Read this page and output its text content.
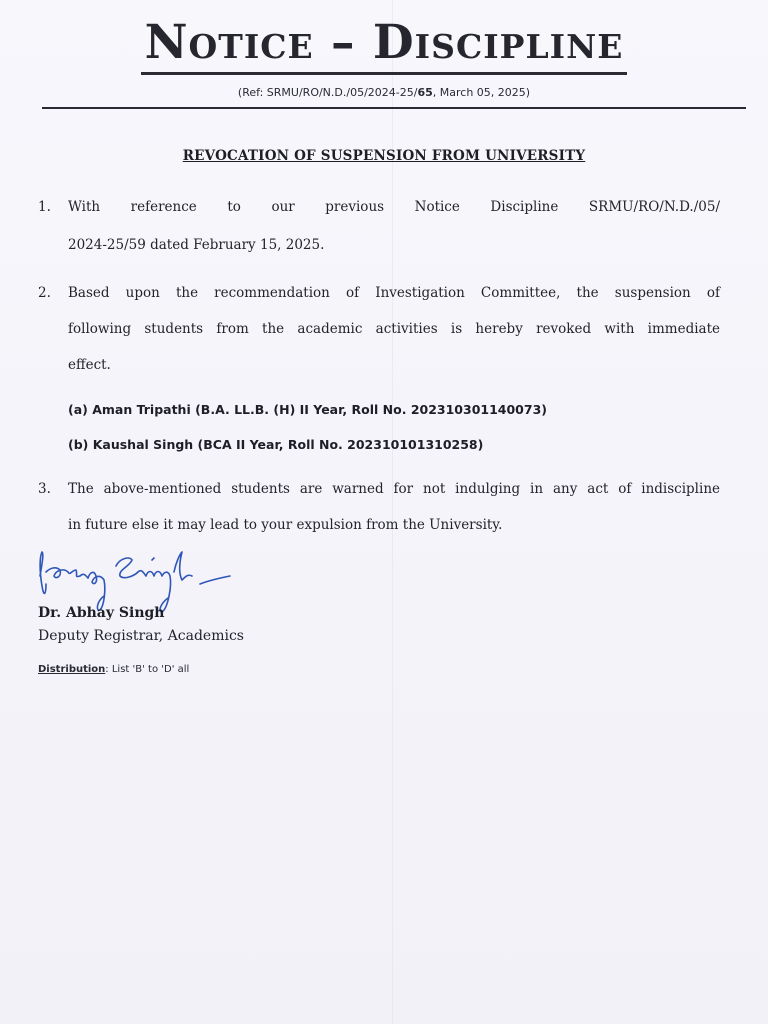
Notice – Discipline
(Ref: SRMU/RO/N.D./05/2024-25/65, March 05, 2025)
REVOCATION OF SUSPENSION FROM UNIVERSITY
1. With reference to our previous Notice Discipline SRMU/RO/N.D./05/
2024-25/59 dated February 15, 2025.
2. Based upon the recommendation of Investigation Committee, the suspension of
following students from the academic activities is hereby revoked with immediate
effect.
(a) Aman Tripathi (B.A. LL.B. (H) II Year, Roll No. 202310301140073)
(b) Kaushal Singh (BCA II Year, Roll No. 202310101310258)
3. The above-mentioned students are warned for not indulging in any act of indiscipline
in future else it may lead to your expulsion from the University.
Dr. Abhay Singh
Deputy Registrar, Academics
Distribution: List 'B' to 'D' all
